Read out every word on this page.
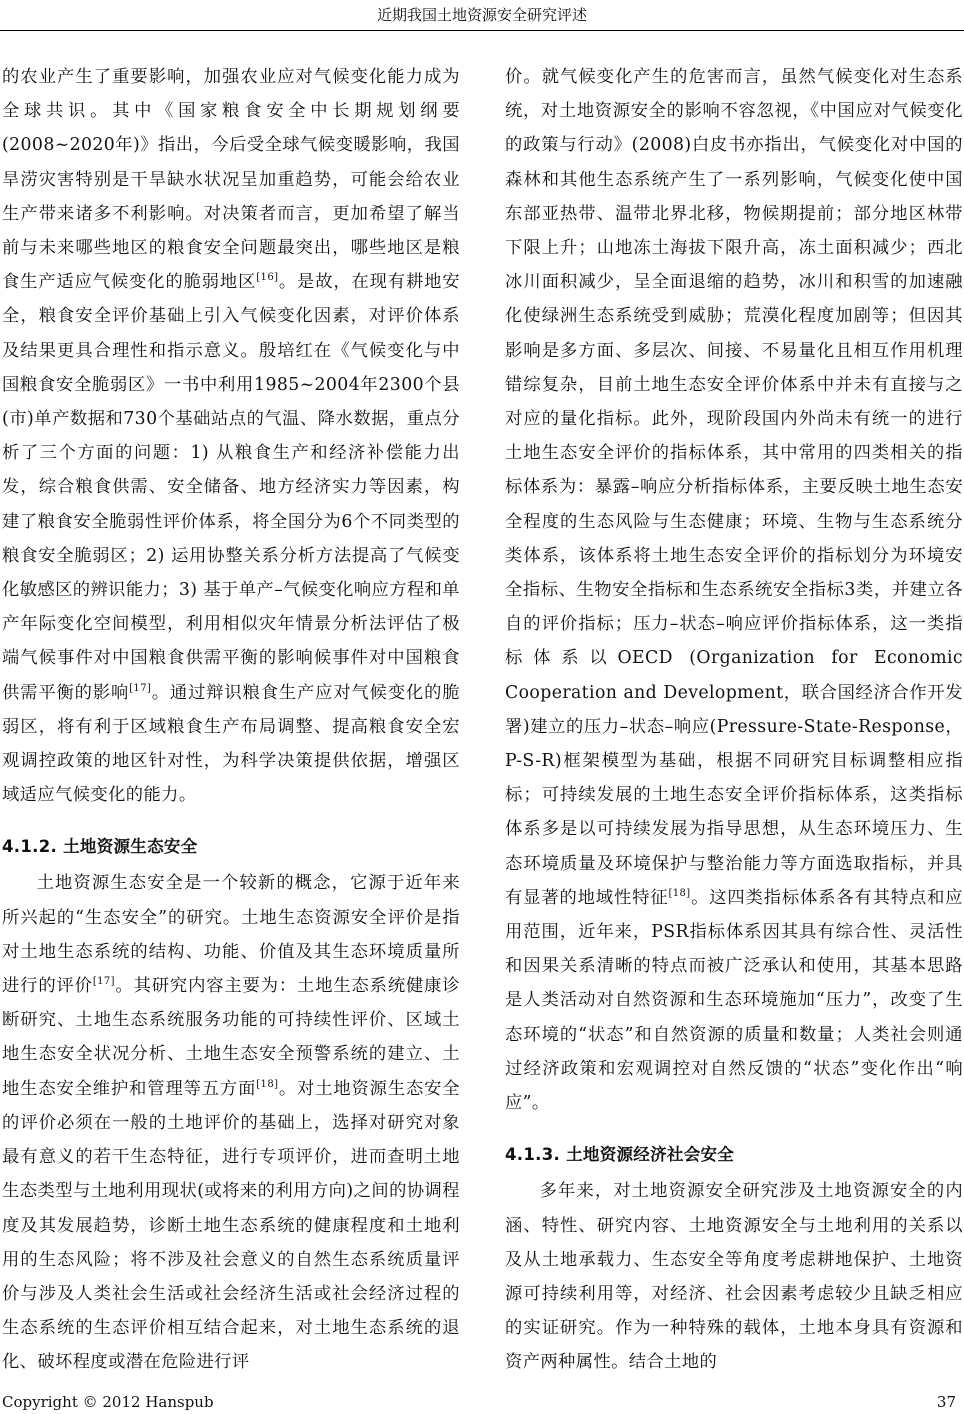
近期我国土地资源安全研究评述

的农业产生了重要影响，加强农业应对气候变化能力成为全球共识。其中《国家粮食安全中长期规划纲要(2008~2020年)》指出，今后受全球气候变暖影响，我国旱涝灾害特别是干旱缺水状况呈加重趋势，可能会给农业生产带来诸多不利影响。对决策者而言，更加希望了解当前与未来哪些地区的粮食安全问题最突出，哪些地区是粮食生产适应气候变化的脆弱地区[16]。是故，在现有耕地安全，粮食安全评价基础上引入气候变化因素，对评价体系及结果更具合理性和指示意义。殷培红在《气候变化与中国粮食安全脆弱区》一书中利用1985~2004年2300个县(市)单产数据和730个基础站点的气温、降水数据，重点分析了三个方面的问题：1) 从粮食生产和经济补偿能力出发，综合粮食供需、安全储备、地方经济实力等因素，构建了粮食安全脆弱性评价体系，将全国分为6个不同类型的粮食安全脆弱区；2) 运用协整关系分析方法提高了气候变化敏感区的辨识能力；3) 基于单产–气候变化响应方程和单产年际变化空间模型，利用相似灾年情景分析法评估了极端气候事件对中国粮食供需平衡的影响候事件对中国粮食供需平衡的影响[17]。通过辩识粮食生产应对气候变化的脆弱区，将有利于区域粮食生产布局调整、提高粮食安全宏观调控政策的地区针对性，为科学决策提供依据，增强区域适应气候变化的能力。

4.1.2. 土地资源生态安全

土地资源生态安全是一个较新的概念，它源于近年来所兴起的“生态安全”的研究。土地生态资源安全评价是指对土地生态系统的结构、功能、价值及其生态环境质量所进行的评价[17]。其研究内容主要为：土地生态系统健康诊断研究、土地生态系统服务功能的可持续性评价、区域土地生态安全状况分析、土地生态安全预警系统的建立、土地生态安全维护和管理等五方面[18]。对土地资源生态安全的评价必须在一般的土地评价的基础上，选择对研究对象最有意义的若干生态特征，进行专项评价，进而查明土地生态类型与土地利用现状(或将来的利用方向)之间的协调程度及其发展趋势，诊断土地生态系统的健康程度和土地利用的生态风险；将不涉及社会意义的自然生态系统质量评价与涉及人类社会生活或社会经济生活或社会经济过程的生态系统的生态评价相互结合起来，对土地生态系统的退化、破坏程度或潜在危险进行评

价。就气候变化产生的危害而言，虽然气候变化对生态系统，对土地资源安全的影响不容忽视，《中国应对气候变化的政策与行动》(2008)白皮书亦指出，气候变化对中国的森林和其他生态系统产生了一系列影响，气候变化使中国东部亚热带、温带北界北移，物候期提前；部分地区林带下限上升；山地冻土海拔下限升高，冻土面积减少；西北冰川面积减少，呈全面退缩的趋势，冰川和积雪的加速融化使绿洲生态系统受到威胁；荒漠化程度加剧等；但因其影响是多方面、多层次、间接、不易量化且相互作用机理错综复杂，目前土地生态安全评价体系中并未有直接与之对应的量化指标。此外，现阶段国内外尚未有统一的进行土地生态安全评价的指标体系，其中常用的四类相关的指标体系为：暴露–响应分析指标体系，主要反映土地生态安全程度的生态风险与生态健康；环境、生物与生态系统分类体系，该体系将土地生态安全评价的指标划分为环境安全指标、生物安全指标和生态系统安全指标3类，并建立各自的评价指标；压力–状态–响应评价指标体系，这一类指标体系以OECD (Organization for Economic Cooperation and Development，联合国经济合作开发署)建立的压力–状态–响应(Pressure-State-Response，P-S-R)框架模型为基础，根据不同研究目标调整相应指标；可持续发展的土地生态安全评价指标体系，这类指标体系多是以可持续发展为指导思想，从生态环境压力、生态环境质量及环境保护与整治能力等方面选取指标，并具有显著的地域性特征[18]。这四类指标体系各有其特点和应用范围，近年来，PSR指标体系因其具有综合性、灵活性和因果关系清晰的特点而被广泛承认和使用，其基本思路是人类活动对自然资源和生态环境施加“压力”，改变了生态环境的“状态”和自然资源的质量和数量；人类社会则通过经济政策和宏观调控对自然反馈的“状态”变化作出“响应”。

4.1.3. 土地资源经济社会安全

多年来，对土地资源安全研究涉及土地资源安全的内涵、特性、研究内容、土地资源安全与土地利用的关系以及从土地承载力、生态安全等角度考虑耕地保护、土地资源可持续利用等，对经济、社会因素考虑较少且缺乏相应的实证研究。作为一种特殊的载体，土地本身具有资源和资产两种属性。结合土地的

Copyright © 2012 Hanspub	37
